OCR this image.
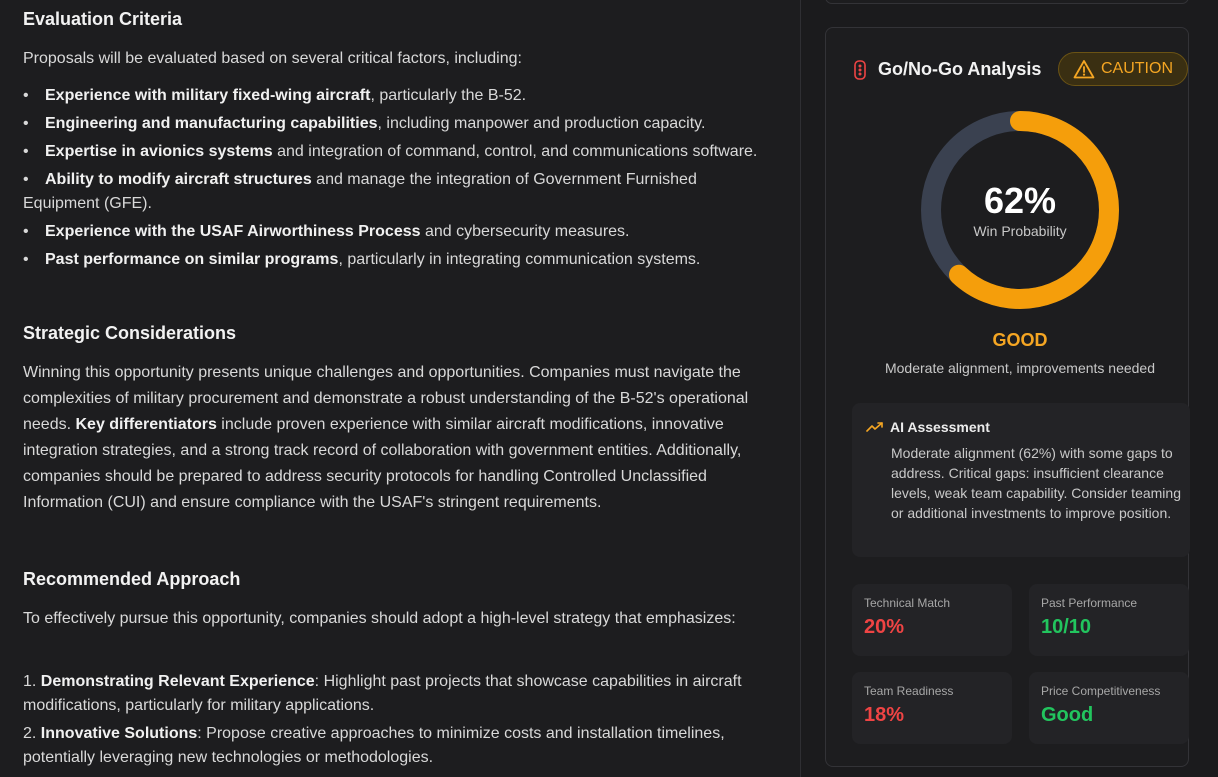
Evaluation Criteria

Proposals will be evaluated based on several critical factors, including:

• Experience with military fixed-wing aircraft, particularly the B-52.
• Engineering and manufacturing capabilities, including manpower and production capacity.
• Expertise in avionics systems and integration of command, control, and communications software.
• Ability to modify aircraft structures and manage the integration of Government Furnished Equipment (GFE).
• Experience with the USAF Airworthiness Process and cybersecurity measures.
• Past performance on similar programs, particularly in integrating communication systems.
Strategic Considerations

Winning this opportunity presents unique challenges and opportunities. Companies must navigate the complexities of military procurement and demonstrate a robust understanding of the B-52's operational needs. Key differentiators include proven experience with similar aircraft modifications, innovative integration strategies, and a strong track record of collaboration with government entities. Additionally, companies should be prepared to address security protocols for handling Controlled Unclassified Information (CUI) and ensure compliance with the USAF's stringent requirements.

Recommended Approach

To effectively pursue this opportunity, companies should adopt a high-level strategy that emphasizes:

1. Demonstrating Relevant Experience: Highlight past projects that showcase capabilities in aircraft modifications, particularly for military applications.
2. Innovative Solutions: Propose creative approaches to minimize costs and installation timelines, potentially leveraging new technologies or methodologies.
Go/No-Go Analysis	CAUTION
62%
Win Probability
GOOD
Moderate alignment, improvements needed
AI Assessment
Moderate alignment (62%) with some gaps to address. Critical gaps: insufficient clearance levels, weak team capability. Consider teaming or additional investments to improve position.
Technical Match
20%
Past Performance
10/10
Team Readiness
18%
Price Competitiveness
Good
